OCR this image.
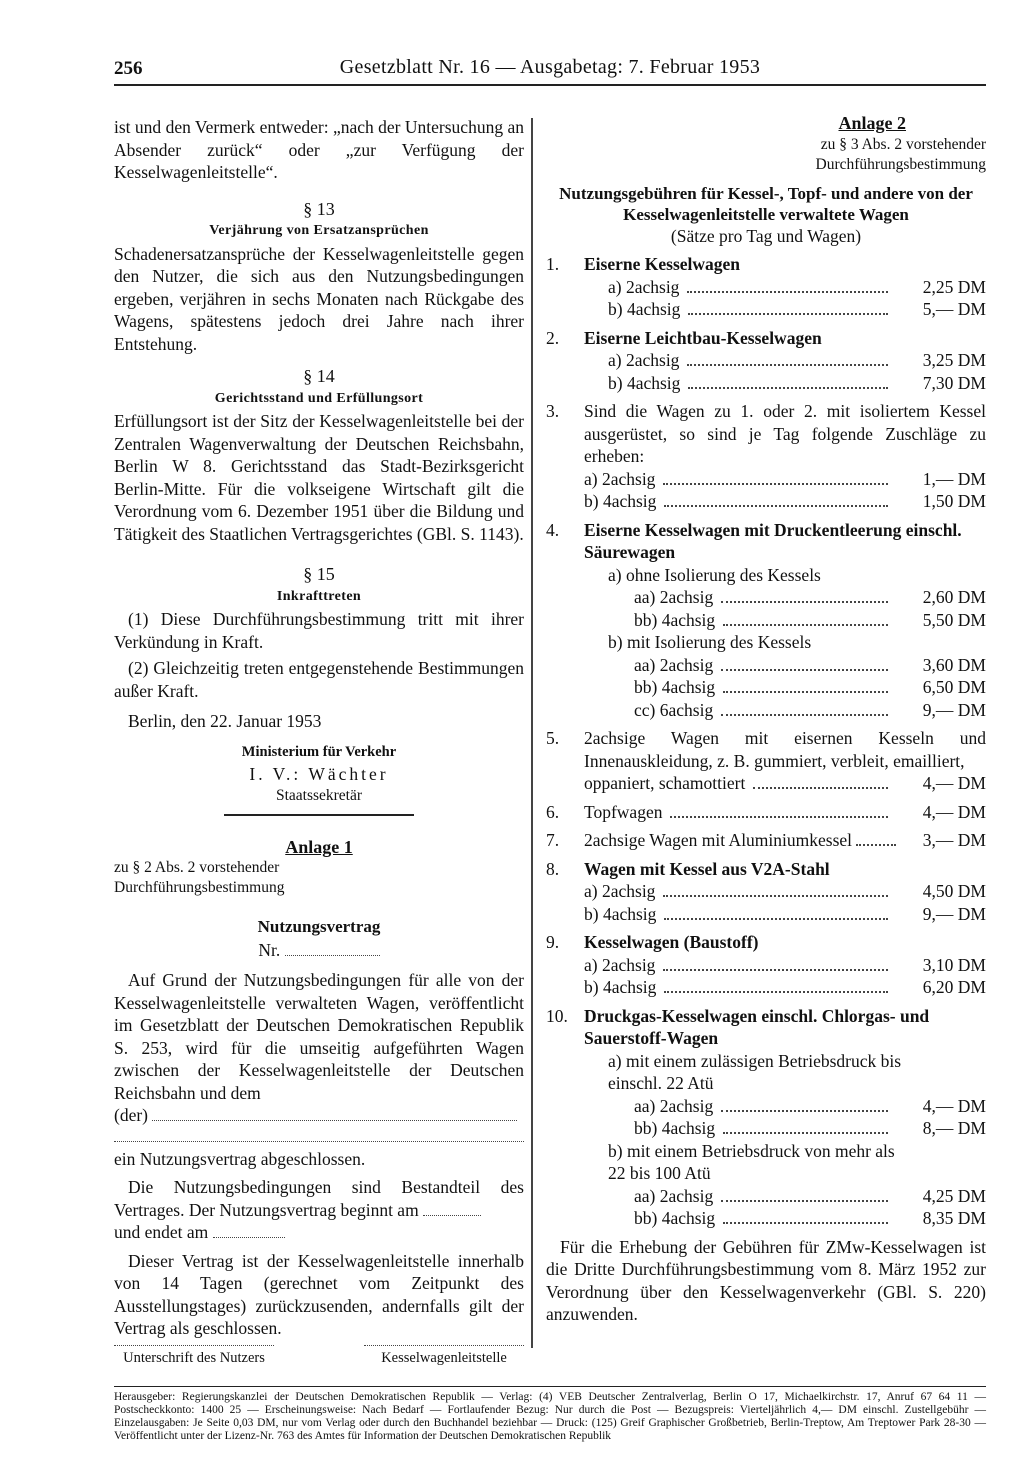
256	Gesetzblatt Nr. 16 — Ausgabetag: 7. Februar 1953

ist und den Vermerk entweder: „nach der Untersuchung an Absender zurück“ oder „zur Verfügung der Kesselwagenleitstelle“.

§ 13

Verjährung von Ersatzansprüchen

Schadenersatzansprüche der Kesselwagenleitstelle gegen den Nutzer, die sich aus den Nutzungsbedingungen ergeben, verjähren in sechs Monaten nach Rückgabe des Wagens, spätestens jedoch drei Jahre nach ihrer Entstehung.

§ 14

Gerichtsstand und Erfüllungsort

Erfüllungsort ist der Sitz der Kesselwagenleitstelle bei der Zentralen Wagenverwaltung der Deutschen Reichsbahn, Berlin W 8. Gerichtsstand das Stadt-Bezirksgericht Berlin-Mitte. Für die volkseigene Wirtschaft gilt die Verordnung vom 6. Dezember 1951 über die Bildung und Tätigkeit des Staatlichen Vertragsgerichtes (GBl. S. 1143).

§ 15

Inkrafttreten

(1) Diese Durchführungsbestimmung tritt mit ihrer Verkündung in Kraft.

(2) Gleichzeitig treten entgegenstehende Bestimmungen außer Kraft.

Berlin, den 22. Januar 1953

Ministerium für Verkehr

I. V.: Wächter

Staatssekretär

Anlage 1

zu § 2 Abs. 2 vorstehender

Durchführungsbestimmung

Nutzungsvertrag

Nr.

Auf Grund der Nutzungsbedingungen für alle von der Kesselwagenleitstelle verwalteten Wagen, veröffentlicht im Gesetzblatt der Deutschen Demokratischen Republik S. 253, wird für die umseitig aufgeführten Wagen zwischen der Kesselwagenleitstelle der Deutschen Reichsbahn und dem

(der)

ein Nutzungsvertrag abgeschlossen.

Die Nutzungsbedingungen sind Bestandteil des Vertrages. Der Nutzungsvertrag beginnt am

und endet am

Dieser Vertrag ist der Kesselwagenleitstelle innerhalb von 14 Tagen (gerechnet vom Zeitpunkt des Ausstellungstages) zurückzusenden, andernfalls gilt der Vertrag als geschlossen.

Unterschrift des Nutzers	Kesselwagenleitstelle

Anlage 2

zu § 3 Abs. 2 vorstehender

Durchführungsbestimmung

Nutzungsgebühren für Kessel-, Topf- und andere von der Kesselwagenleitstelle verwaltete Wagen

(Sätze pro Tag und Wagen)

1.	Eiserne Kesselwagen

a) 2achsig	2,25 DM
b) 4achsig	5,— DM
2.	Eiserne Leichtbau-Kesselwagen

a) 2achsig	3,25 DM
b) 4achsig	7,30 DM
3.	Sind die Wagen zu 1. oder 2. mit isoliertem Kessel ausgerüstet, so sind je Tag folgende Zuschläge zu erheben:

a) 2achsig	1,— DM
b) 4achsig	1,50 DM
4.	Eiserne Kesselwagen mit Druckentleerung einschl. Säurewagen

a) ohne Isolierung des Kessels

aa) 2achsig	2,60 DM
bb) 4achsig	5,50 DM

b) mit Isolierung des Kessels

aa) 2achsig	3,60 DM
bb) 4achsig	6,50 DM
cc) 6achsig	9,— DM
5.	2achsige Wagen mit eisernen Kesseln und Innenauskleidung, z. B. gummiert, verbleit, emailliert,

oppaniert, schamottiert	4,— DM
6.	Topfwagen	4,— DM
7.	2achsige Wagen mit Aluminiumkessel	3,— DM
8.	Wagen mit Kessel aus V2A-Stahl

a) 2achsig	4,50 DM
b) 4achsig	9,— DM
9.	Kesselwagen (Baustoff)

a) 2achsig	3,10 DM
b) 4achsig	6,20 DM
10. Druckgas-Kesselwagen einschl. Chlorgas- und Sauerstoff-Wagen

a) mit einem zulässigen Betriebsdruck bis einschl. 22 Atü

aa) 2achsig	4,— DM
bb) 4achsig	8,— DM

b) mit einem Betriebsdruck von mehr als 22 bis 100 Atü

aa) 2achsig	4,25 DM
bb) 4achsig	8,35 DM

Für die Erhebung der Gebühren für ZMw-Kesselwagen ist die Dritte Durchführungsbestimmung vom 8. März 1952 zur Verordnung über den Kesselwagenverkehr (GBl. S. 220) anzuwenden.

Herausgeber: Regierungskanzlei der Deutschen Demokratischen Republik — Verlag: (4) VEB Deutscher Zentralverlag, Berlin O 17, Michaelkirchstr. 17, Anruf 67 64 11 — Postscheckkonto: 1400 25 — Erscheinungsweise: Nach Bedarf — Fortlaufender Bezug: Nur durch die Post — Bezugspreis: Vierteljährlich 4,— DM einschl. Zustellgebühr — Einzelausgaben: Je Seite 0,03 DM, nur vom Verlag oder durch den Buchhandel beziehbar — Druck: (125) Greif Graphischer Großbetrieb, Berlin-Treptow, Am Treptower Park 28-30 — Veröffentlicht unter der Lizenz-Nr. 763 des Amtes für Information der Deutschen Demokratischen Republik
